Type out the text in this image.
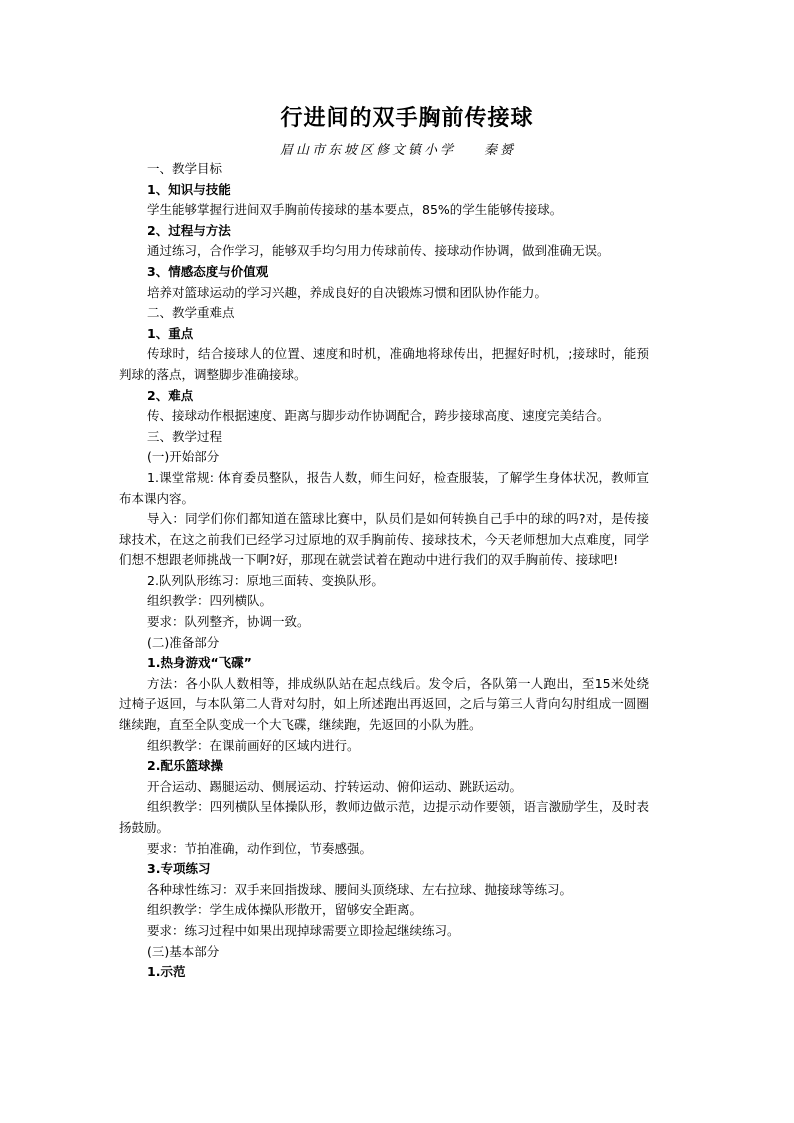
行进间的双手胸前传接球
眉山市东坡区修文镇小学 秦赟

一、教学目标

1、知识与技能

学生能够掌握行进间双手胸前传接球的基本要点，85%的学生能够传接球。

2、过程与方法

通过练习，合作学习，能够双手均匀用力传球前传、接球动作协调，做到准确无误。

3、情感态度与价值观

培养对篮球运动的学习兴趣，养成良好的自决锻炼习惯和团队协作能力。

二、教学重难点

1、重点

传球时，结合接球人的位置、速度和时机，准确地将球传出，把握好时机，;接球时，能预判球的落点，调整脚步准确接球。

2、难点

传、接球动作根据速度、距离与脚步动作协调配合，跨步接球高度、速度完美结合。

三、教学过程

(一)开始部分

1.课堂常规: 体育委员整队，报告人数，师生问好，检查服装，了解学生身体状况，教师宣布本课内容。

导入：同学们你们都知道在篮球比赛中，队员们是如何转换自己手中的球的吗?对，是传接球技术，在这之前我们已经学习过原地的双手胸前传、接球技术，今天老师想加大点难度，同学们想不想跟老师挑战一下啊?好，那现在就尝试着在跑动中进行我们的双手胸前传、接球吧!

2.队列队形练习：原地三面转、变换队形。

组织教学：四列横队。

要求：队列整齐，协调一致。

(二)准备部分

1.热身游戏“飞碟”

方法：各小队人数相等，排成纵队站在起点线后。发令后，各队第一人跑出，至15米处绕过椅子返回，与本队第二人背对勾肘，如上所述跑出再返回，之后与第三人背向勾肘组成一圆圈继续跑，直至全队变成一个大飞碟，继续跑，先返回的小队为胜。

组织教学：在课前画好的区域内进行。

2.配乐篮球操

开合运动、踢腿运动、侧展运动、拧转运动、俯仰运动、跳跃运动。

组织教学：四列横队呈体操队形，教师边做示范，边提示动作要领，语言激励学生，及时表扬鼓励。

要求：节拍准确，动作到位，节奏感强。

3.专项练习

各种球性练习：双手来回指拨球、腰间头顶绕球、左右拉球、抛接球等练习。

组织教学：学生成体操队形散开，留够安全距离。

要求：练习过程中如果出现掉球需要立即捡起继续练习。

(三)基本部分

1.示范
